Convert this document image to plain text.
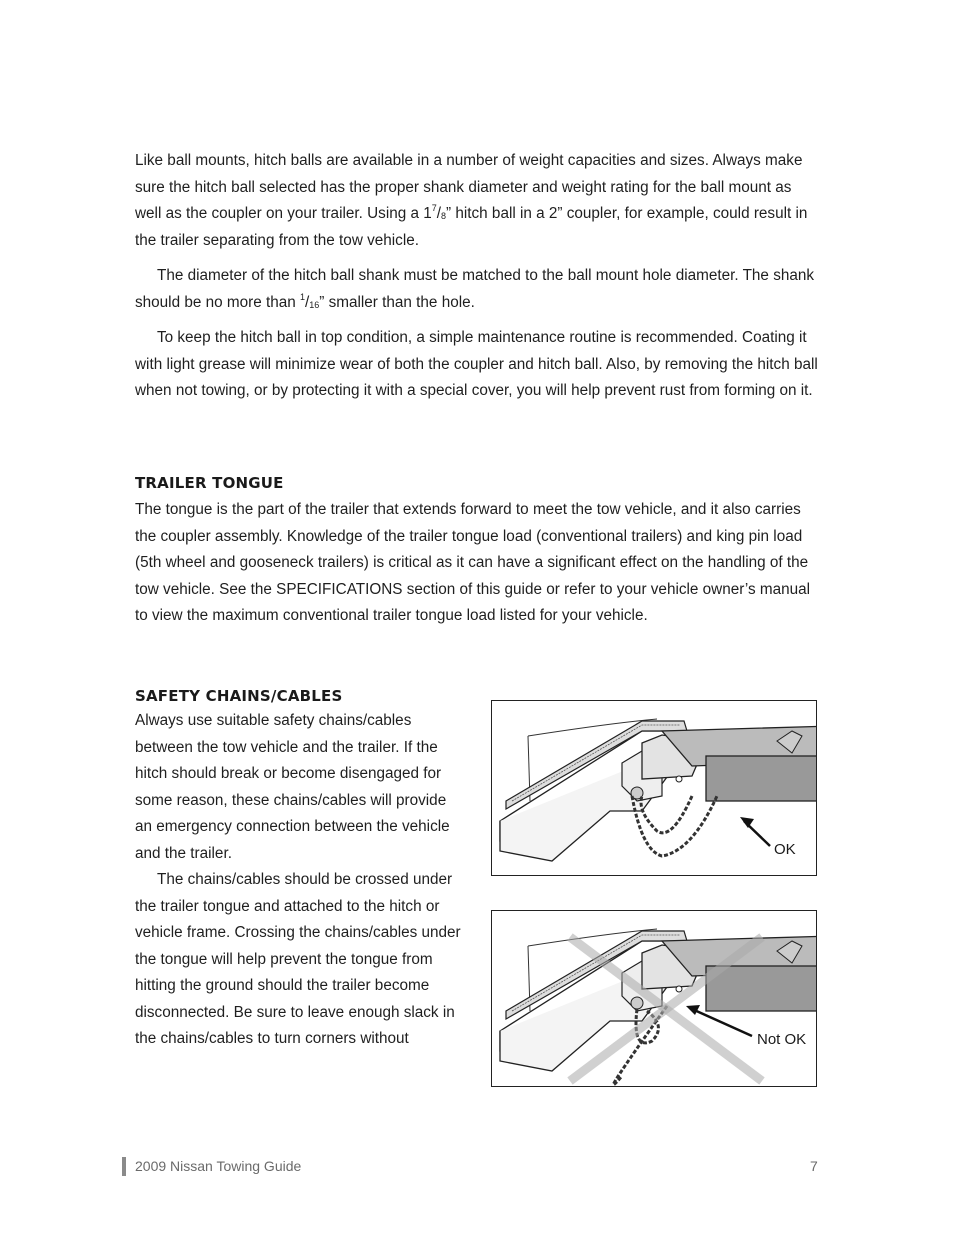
Like ball mounts, hitch balls are available in a number of weight capacities and sizes. Always make sure the hitch ball selected has the proper shank diameter and weight rating for the ball mount as well as the coupler on your trailer. Using a $1^7/_8$” hitch ball in a 2” coupler, for example, could result in the trailer separating from the tow vehicle.

The diameter of the hitch ball shank must be matched to the ball mount hole diameter. The shank should be no more than $^1/_{16}$” smaller than the hole.

To keep the hitch ball in top condition, a simple maintenance routine is recommended. Coating it with light grease will minimize wear of both the coupler and hitch ball. Also, by removing the hitch ball when not towing, or by protecting it with a special cover, you will help prevent rust from forming on it.

TRAILER TONGUE

The tongue is the part of the trailer that extends forward to meet the tow vehicle, and it also carries the coupler assembly. Knowledge of the trailer tongue load (conventional trailers) and king pin load (5th wheel and gooseneck trailers) is critical as it can have a significant effect on the handling of the tow vehicle. See the SPECIFICATIONS section of this guide or refer to your vehicle owner’s manual to view the maximum conventional trailer tongue load listed for your vehicle.

SAFETY CHAINS/CABLES

Always use suitable safety chains/cables between the tow vehicle and the trailer. If the hitch should break or become disengaged for some reason, these chains/cables will provide an emergency connection between the vehicle and the trailer.

The chains/cables should be crossed under the trailer tongue and attached to the hitch or vehicle frame. Crossing the chains/cables under the tongue will help prevent the tongue from hitting the ground should the trailer become disconnected. Be sure to leave enough slack in the chains/cables to turn corners without

OK
Not OK
2009 Nissan Towing Guide	7
